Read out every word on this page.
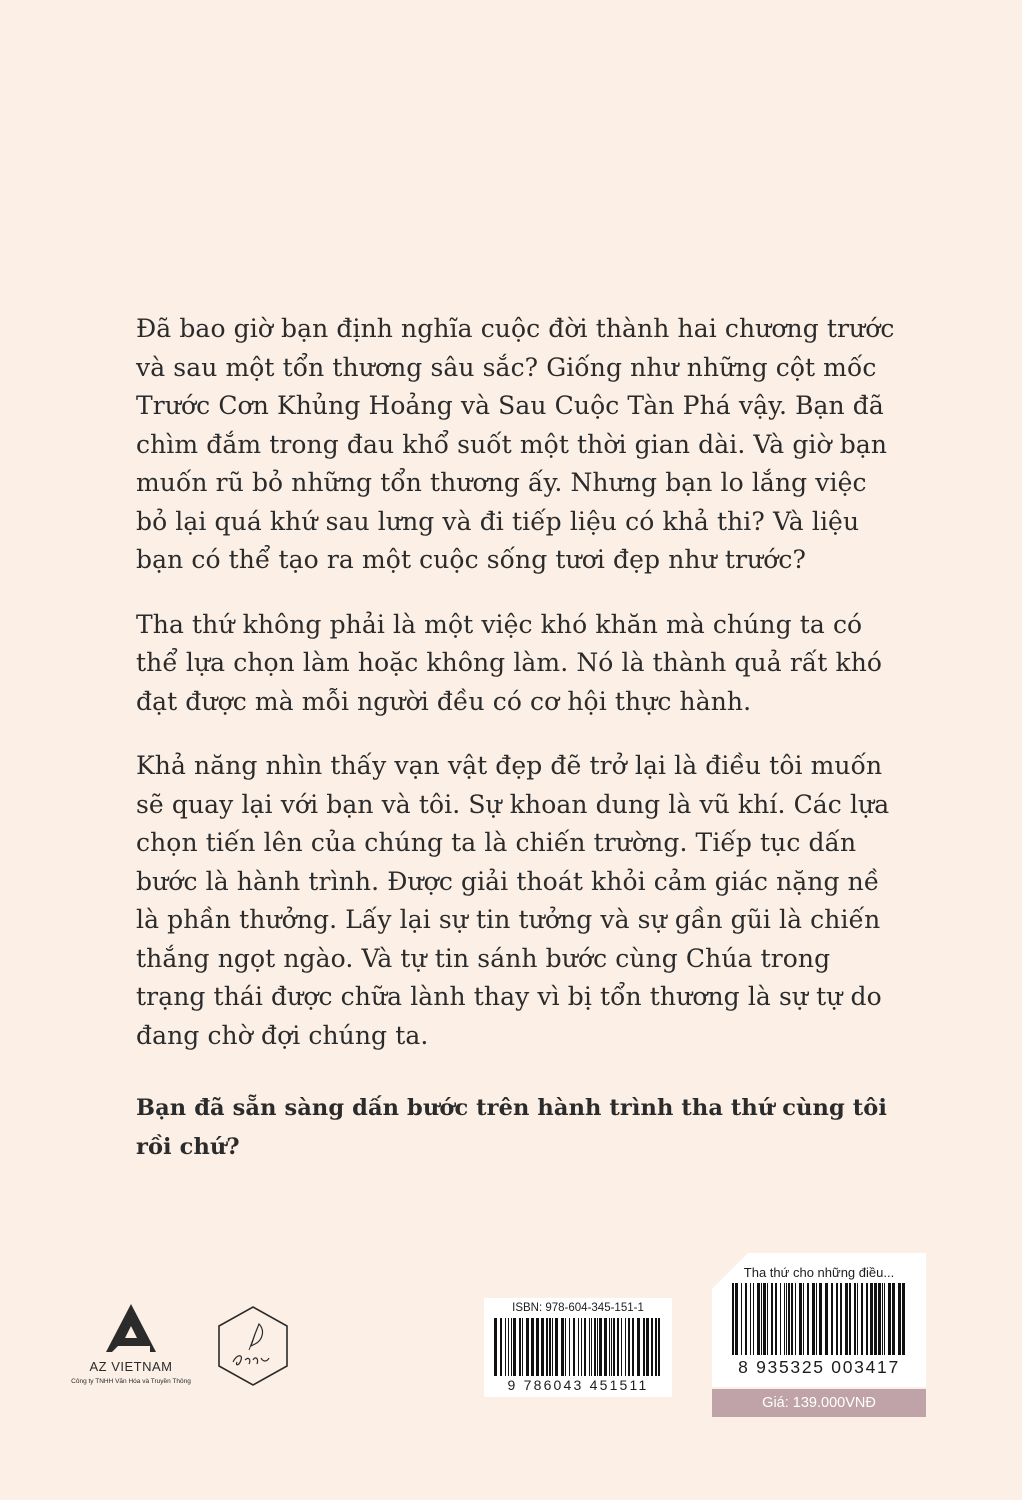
Đã bao giờ bạn định nghĩa cuộc đời thành hai chương trước và sau một tổn thương sâu sắc? Giống như những cột mốc Trước Cơn Khủng Hoảng và Sau Cuộc Tàn Phá vậy. Bạn đã chìm đắm trong đau khổ suốt một thời gian dài. Và giờ bạn muốn rũ bỏ những tổn thương ấy. Nhưng bạn lo lắng việc bỏ lại quá khứ sau lưng và đi tiếp liệu có khả thi? Và liệu bạn có thể tạo ra một cuộc sống tươi đẹp như trước?

Tha thứ không phải là một việc khó khăn mà chúng ta có thể lựa chọn làm hoặc không làm. Nó là thành quả rất khó đạt được mà mỗi người đều có cơ hội thực hành.

Khả năng nhìn thấy vạn vật đẹp đẽ trở lại là điều tôi muốn sẽ quay lại với bạn và tôi. Sự khoan dung là vũ khí. Các lựa chọn tiến lên của chúng ta là chiến trường. Tiếp tục dấn bước là hành trình. Được giải thoát khỏi cảm giác nặng nề là phần thưởng. Lấy lại sự tin tưởng và sự gần gũi là chiến thắng ngọt ngào. Và tự tin sánh bước cùng Chúa trong trạng thái được chữa lành thay vì bị tổn thương là sự tự do đang chờ đợi chúng ta.

Bạn đã sẵn sàng dấn bước trên hành trình tha thứ cùng tôi rồi chứ?

AZ VIETNAM
Công ty TNHH Văn Hóa và Truyền Thông
ISBN: 978-604-345-151-1
9 786043 451511
Tha thứ cho những điều...
8 935325 003417
Giá: 139.000VNĐ
